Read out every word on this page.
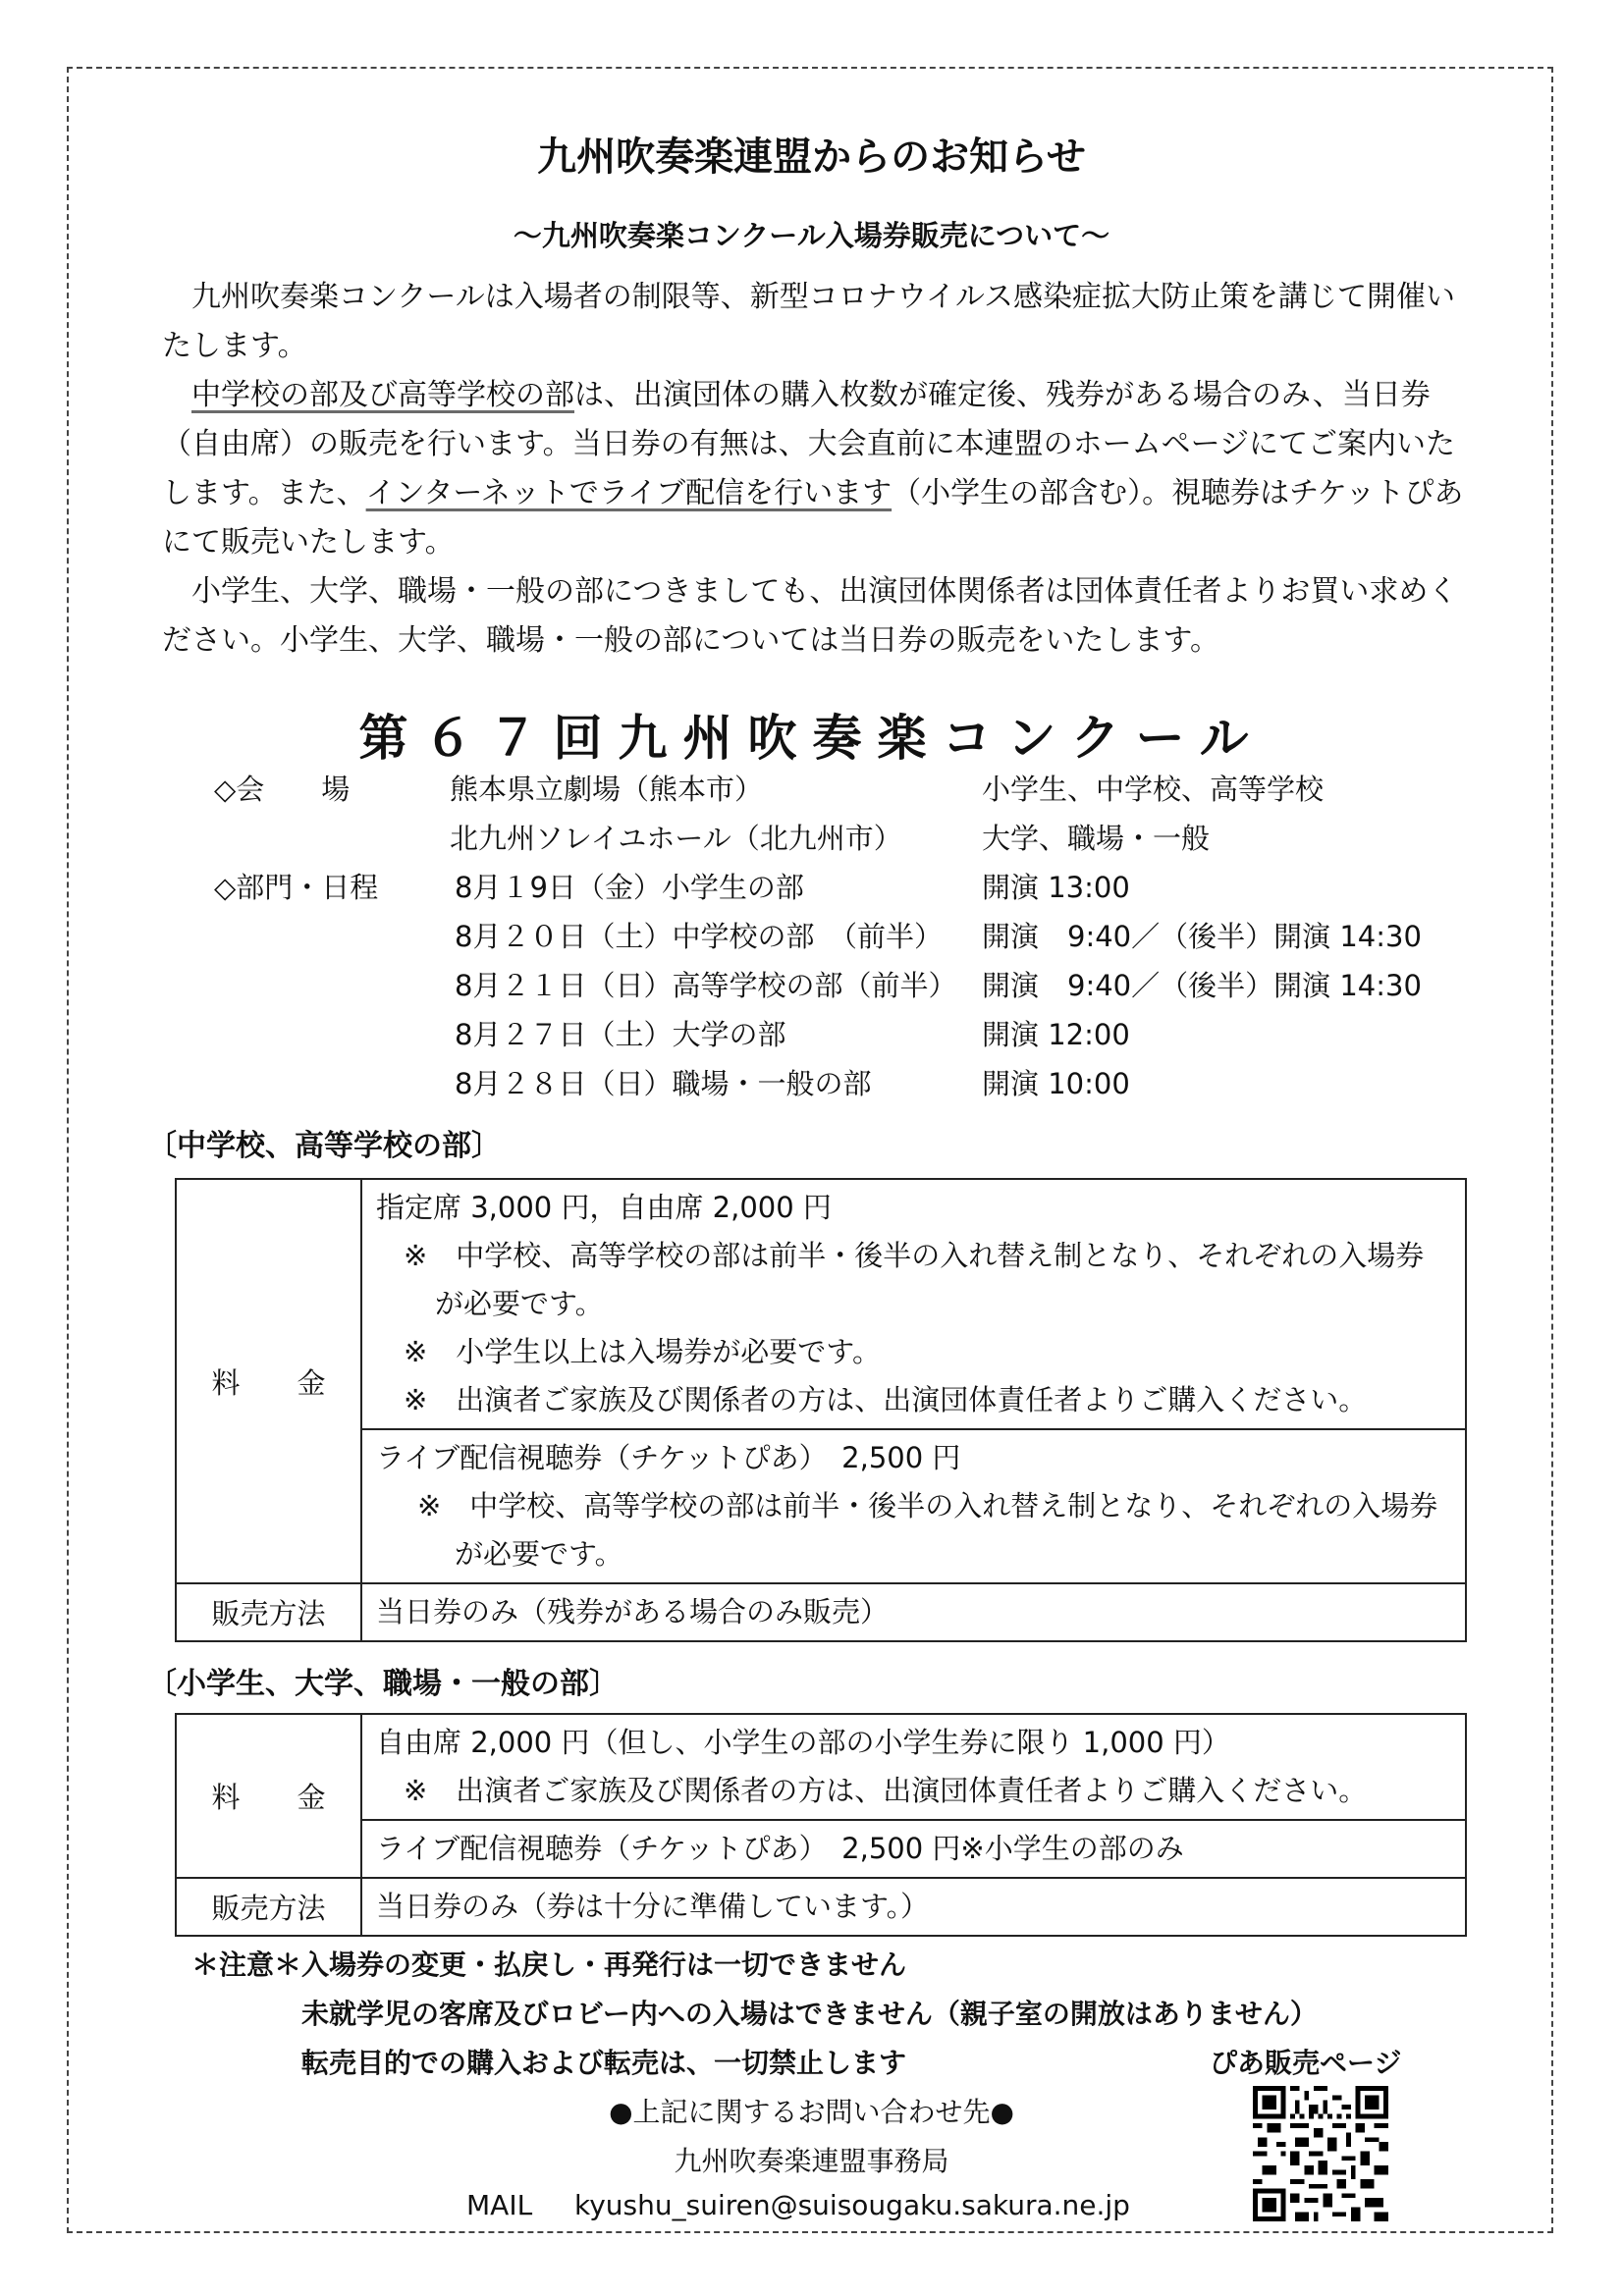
九州吹奏楽連盟からのお知らせ
〜九州吹奏楽コンクール入場券販売について〜

九州吹奏楽コンクールは入場者の制限等、新型コロナウイルス感染症拡大防止策を講じて開催いたします。

中学校の部及び高等学校の部は、出演団体の購入枚数が確定後、残券がある場合のみ、当日券（自由席）の販売を行います。当日券の有無は、大会直前に本連盟のホームページにてご案内いたします。また、インターネットでライブ配信を行います（小学生の部含む）。視聴券はチケットぴあにて販売いたします。

小学生、大学、職場・一般の部につきましても、出演団体関係者は団体責任者よりお買い求めください。小学生、大学、職場・一般の部については当日券の販売をいたします。

第６７回九州吹奏楽コンクール
◇会　　場	熊本県立劇場（熊本市）	小学生、中学校、高等学校
北九州ソレイユホール（北九州市）	大学、職場・一般
◇部門・日程	8月１9日（金）小学生の部	開演 13:00
8月２０日（土）中学校の部　（前半） 開演　9:40／（後半）開演 14:30
8月２１日（日）高等学校の部（前半） 開演　9:40／（後半）開演 14:30
8月２７日（土）大学の部	開演 12:00
8月２８日（日）職場・一般の部	開演 10:00
〔中学校、高等学校の部〕
料　　金	指定席 3,000 円，自由席 2,000 円
※　中学校、高等学校の部は前半・後半の入れ替え制となり、それぞれの入場券が必要です。
※　小学生以上は入場券が必要です。
※　出演者ご家族及び関係者の方は、出演団体責任者よりご購入ください。

	ライブ配信視聴券（チケットぴあ）　2,500 円
※　中学校、高等学校の部は前半・後半の入れ替え制となり、それぞれの入場券が必要です。

販売方法	当日券のみ（残券がある場合のみ販売）
〔小学生、大学、職場・一般の部〕
料　　金	自由席 2,000 円（但し、小学生の部の小学生券に限り 1,000 円）
※　出演者ご家族及び関係者の方は、出演団体責任者よりご購入ください。

	ライブ配信視聴券（チケットぴあ）　2,500 円※小学生の部のみ
販売方法	当日券のみ（券は十分に準備しています。）
＊注意＊入場券の変更・払戻し・再発行は一切できません
未就学児の客席及びロビー内への入場はできません（親子室の開放はありません）
転売目的での購入および転売は、一切禁止します	ぴあ販売ページ
●上記に関するお問い合わせ先●
九州吹奏楽連盟事務局
MAIL kyushu_suiren@suisougaku.sakura.ne.jp
